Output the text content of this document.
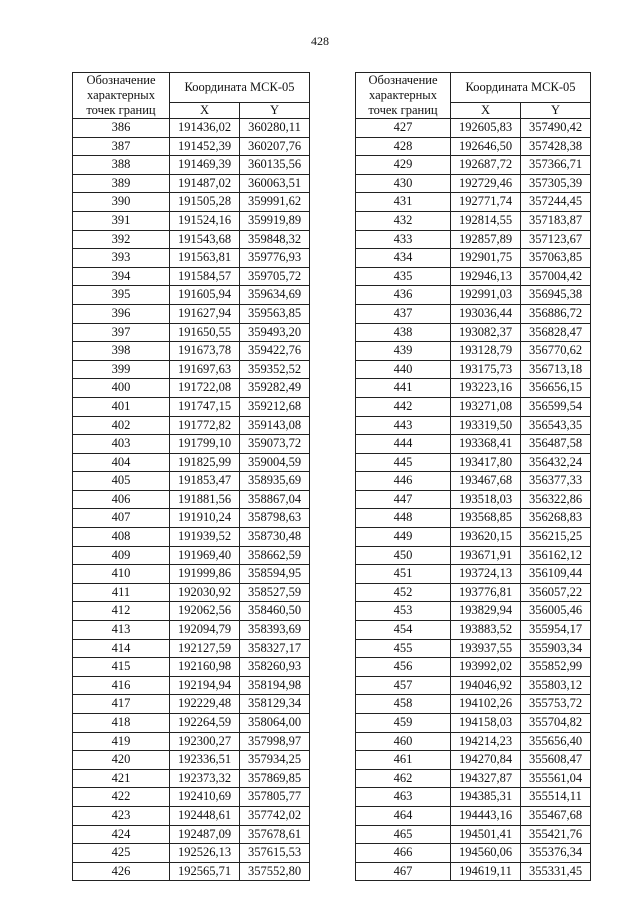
428
Обозначение характерных точек границ	Координата МСК-05	
	X	Y
386	191436,02	360280,11
387	191452,39	360207,76
388	191469,39	360135,56
389	191487,02	360063,51
390	191505,28	359991,62
391	191524,16	359919,89
392	191543,68	359848,32
393	191563,81	359776,93
394	191584,57	359705,72
395	191605,94	359634,69
396	191627,94	359563,85
397	191650,55	359493,20
398	191673,78	359422,76
399	191697,63	359352,52
400	191722,08	359282,49
401	191747,15	359212,68
402	191772,82	359143,08
403	191799,10	359073,72
404	191825,99	359004,59
405	191853,47	358935,69
406	191881,56	358867,04
407	191910,24	358798,63
408	191939,52	358730,48
409	191969,40	358662,59
410	191999,86	358594,95
411	192030,92	358527,59
412	192062,56	358460,50
413	192094,79	358393,69
414	192127,59	358327,17
415	192160,98	358260,93
416	192194,94	358194,98
417	192229,48	358129,34
418	192264,59	358064,00
419	192300,27	357998,97
420	192336,51	357934,25
421	192373,32	357869,85
422	192410,69	357805,77
423	192448,61	357742,02
424	192487,09	357678,61
425	192526,13	357615,53
426	192565,71	357552,80
Обозначение характерных точек границ	Координата МСК-05	
	X	Y
427	192605,83	357490,42
428	192646,50	357428,38
429	192687,72	357366,71
430	192729,46	357305,39
431	192771,74	357244,45
432	192814,55	357183,87
433	192857,89	357123,67
434	192901,75	357063,85
435	192946,13	357004,42
436	192991,03	356945,38
437	193036,44	356886,72
438	193082,37	356828,47
439	193128,79	356770,62
440	193175,73	356713,18
441	193223,16	356656,15
442	193271,08	356599,54
443	193319,50	356543,35
444	193368,41	356487,58
445	193417,80	356432,24
446	193467,68	356377,33
447	193518,03	356322,86
448	193568,85	356268,83
449	193620,15	356215,25
450	193671,91	356162,12
451	193724,13	356109,44
452	193776,81	356057,22
453	193829,94	356005,46
454	193883,52	355954,17
455	193937,55	355903,34
456	193992,02	355852,99
457	194046,92	355803,12
458	194102,26	355753,72
459	194158,03	355704,82
460	194214,23	355656,40
461	194270,84	355608,47
462	194327,87	355561,04
463	194385,31	355514,11
464	194443,16	355467,68
465	194501,41	355421,76
466	194560,06	355376,34
467	194619,11	355331,45
